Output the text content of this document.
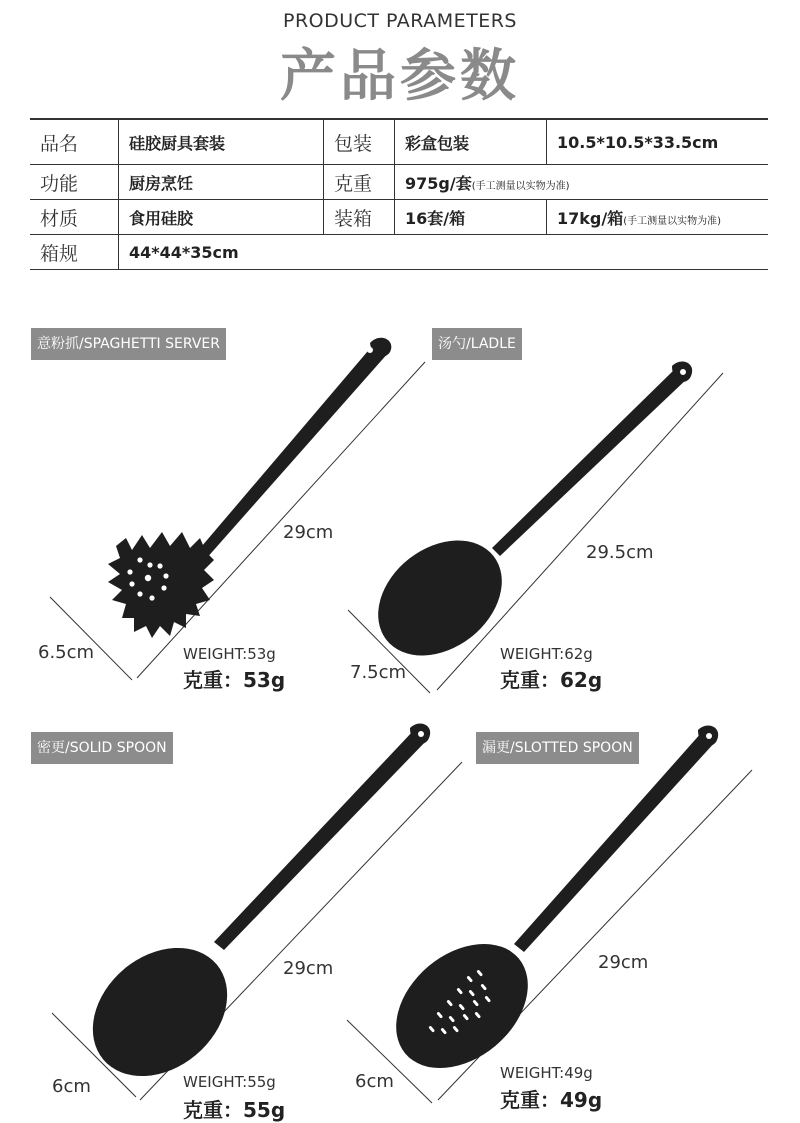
PRODUCT PARAMETERS
产品参数
品名	硅胶厨具套装	包装	彩盒包装	10.5*10.5*33.5cm
功能	厨房烹饪	克重	975g/套(手工测量以实物为准)	
材质	食用硅胶	装箱	16套/箱	17kg/箱(手工测量以实物为准)
箱规	44*44*35cm			
意粉抓/SPAGHETTI SERVER	汤勺/LADLE
密更/SOLID SPOON	漏更/SLOTTED SPOON
29cm
6.5cm	WEIGHT:53g
克重：53g
29.5cm
7.5cm
WEIGHT:62g
克重：62g
29cm
6cm	WEIGHT:55g
克重：55g
29cm
6cm	WEIGHT:49g
克重：49g
